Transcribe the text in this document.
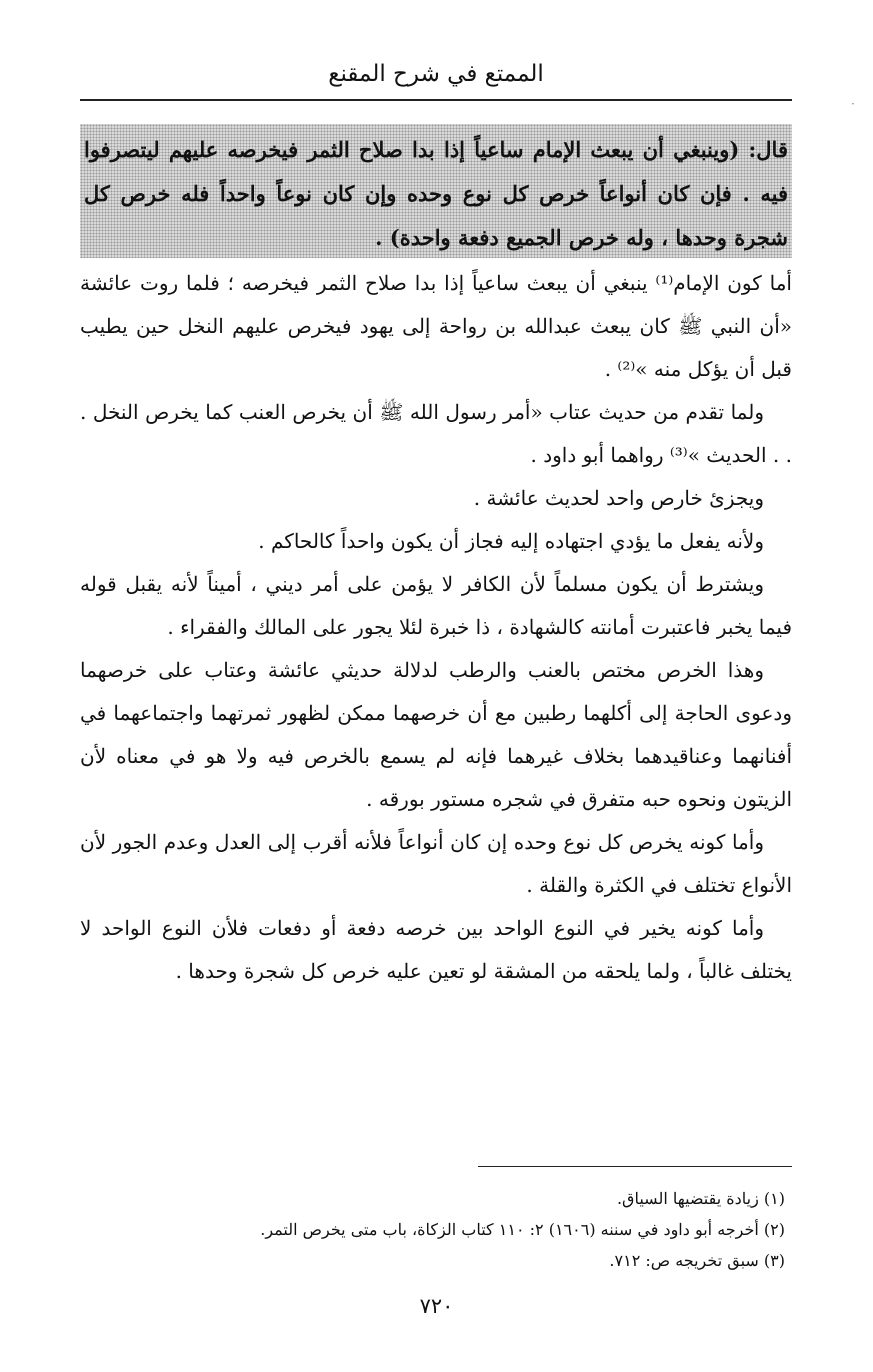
الممتع في شرح المقنع
·
قال: (وينبغي أن يبعث الإمام ساعياً إذا بدا صلاح الثمر فيخرصه عليهم ليتصرفوا فيه . فإن كان أنواعاً خرص كل نوع وحده وإن كان نوعاً واحداً فله خرص كل شجرة وحدها ، وله خرص الجميع دفعة واحدة) .

أما كون الإمام⁽¹⁾ ينبغي أن يبعث ساعياً إذا بدا صلاح الثمر فيخرصه ؛ فلما روت عائشة «أن النبي ﷺ كان يبعث عبدالله بن رواحة إلى يهود فيخرص عليهم النخل حين يطيب قبل أن يؤكل منه »⁽²⁾ .

ولما تقدم من حديث عتاب «أمر رسول الله ﷺ أن يخرص العنب كما يخرص النخل . . . الحديث »⁽³⁾ رواهما أبو داود .

ويجزئ خارص واحد لحديث عائشة .

ولأنه يفعل ما يؤدي اجتهاده إليه فجاز أن يكون واحداً كالحاكم .

ويشترط أن يكون مسلماً لأن الكافر لا يؤمن على أمر ديني ، أميناً لأنه يقبل قوله فيما يخبر فاعتبرت أمانته كالشهادة ، ذا خبرة لئلا يجور على المالك والفقراء .

وهذا الخرص مختص بالعنب والرطب لدلالة حديثي عائشة وعتاب على خرصهما ودعوى الحاجة إلى أكلهما رطبين مع أن خرصهما ممكن لظهور ثمرتهما واجتماعهما في أفنانهما وعناقيدهما بخلاف غيرهما فإنه لم يسمع بالخرص فيه ولا هو في معناه لأن الزيتون ونحوه حبه متفرق في شجره مستور بورقه .

وأما كونه يخرص كل نوع وحده إن كان أنواعاً فلأنه أقرب إلى العدل وعدم الجور لأن الأنواع تختلف في الكثرة والقلة .

وأما كونه يخير في النوع الواحد بين خرصه دفعة أو دفعات فلأن النوع الواحد لا يختلف غالباً ، ولما يلحقه من المشقة لو تعين عليه خرص كل شجرة وحدها .

(١) زيادة يقتضيها السياق.
(٢) أخرجه أبو داود في سننه (١٦٠٦) ٢: ١١٠ كتاب الزكاة، باب متى يخرص التمر.
(٣) سبق تخريجه ص: ٧١٢.
٧٢٠
